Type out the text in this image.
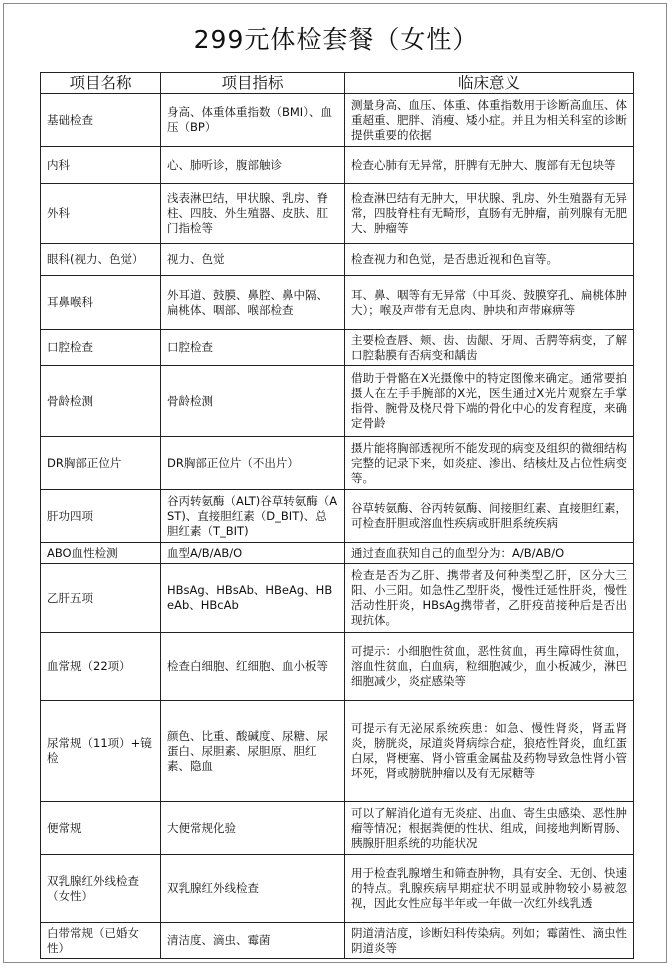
299元体检套餐（女性）
项目名称	项目指标	临床意义
基础检查	身高、体重体重指数（BMI）、血压（BP）	测量身高、血压、体重、体重指数用于诊断高血压、体重超重、肥胖、消瘦、矮小症。并且为相关科室的诊断提供重要的依据
内科	心、肺听诊，腹部触诊	检查心肺有无异常，肝脾有无肿大、腹部有无包块等
外科	浅表淋巴结，甲状腺、乳房、脊柱、四肢、外生殖器、皮肤、肛门指检等	检查淋巴结有无肿大，甲状腺、乳房、外生殖器有无异常，四肢脊柱有无畸形，直肠有无肿瘤，前列腺有无肥大、肿瘤等
眼科(视力、色觉）	视力、色觉	检查视力和色觉，是否患近视和色盲等。
耳鼻喉科	外耳道、鼓膜、鼻腔、鼻中隔、扁桃体、咽部、喉部检查	耳、鼻、咽等有无异常（中耳炎、鼓膜穿孔、扁桃体肿大）；喉及声带有无息肉、肿块和声带麻痹等
口腔检查	口腔检查	主要检查唇、颊、齿、齿龈、牙周、舌腭等病变，了解口腔黏膜有否病变和龋齿
骨龄检测	骨龄检测	借助于骨骼在X光摄像中的特定图像来确定。通常要拍摄人在左手手腕部的X光，医生通过X光片观察左手掌指骨、腕骨及桡尺骨下端的骨化中心的发育程度，来确定骨龄
DR胸部正位片	DR胸部正位片（不出片）	摄片能将胸部透视所不能发现的病变及组织的微细结构完整的记录下来，如炎症、渗出、结核灶及占位性病变等。
肝功四项	谷丙转氨酶（ALT)谷草转氨酶（AST)、直接胆红素（D_BIT)、总胆红素（T_BIT)	谷草转氨酶、谷丙转氨酶、间接胆红素、直接胆红素，可检查肝胆或溶血性疾病或肝胆系统疾病
ABO血性检测	血型A/B/AB/O	通过查血获知自己的血型分为：A/B/AB/O
乙肝五项	HBsAg、HBsAb、HBeAg、HBeAb、HBcAb	检查是否为乙肝、携带者及何种类型乙肝，区分大三阳、小三阳。如急性乙型肝炎，慢性迁延性肝炎，慢性活动性肝炎，HBsAg携带者，乙肝疫苗接种后是否出现抗体。
血常规（22项）	检查白细胞、红细胞、血小板等	可提示：小细胞性贫血，恶性贫血，再生障碍性贫血，溶血性贫血，白血病，粒细胞减少，血小板减少，淋巴细胞减少，炎症感染等
尿常规（11项）+镜检	颜色、比重、酸碱度、尿糖、尿蛋白、尿胆素、尿胆原、胆红素、隐血	可提示有无泌尿系统疾患：如急、慢性肾炎，肾盂肾炎，膀胱炎，尿道炎肾病综合症，狼疮性肾炎，血红蛋白尿，肾梗塞、肾小管重金属盐及药物导致急性肾小管坏死，肾或膀胱肿瘤以及有无尿糖等
便常规	大便常规化验	可以了解消化道有无炎症、出血、寄生虫感染、恶性肿瘤等情况；根据粪便的性状、组成，间接地判断胃肠、胰腺肝胆系统的功能状况
双乳腺红外线检查（女性）	双乳腺红外线检查	用于检查乳腺增生和筛查肿物，具有安全、无创、快速的特点。乳腺疾病早期症状不明显或肿物较小易被忽视，因此女性应每半年或一年做一次红外线乳透
白带常规（已婚女性）	清洁度、滴虫、霉菌	阴道清洁度，诊断妇科传染病。列如；霉菌性、滴虫性阴道炎等
